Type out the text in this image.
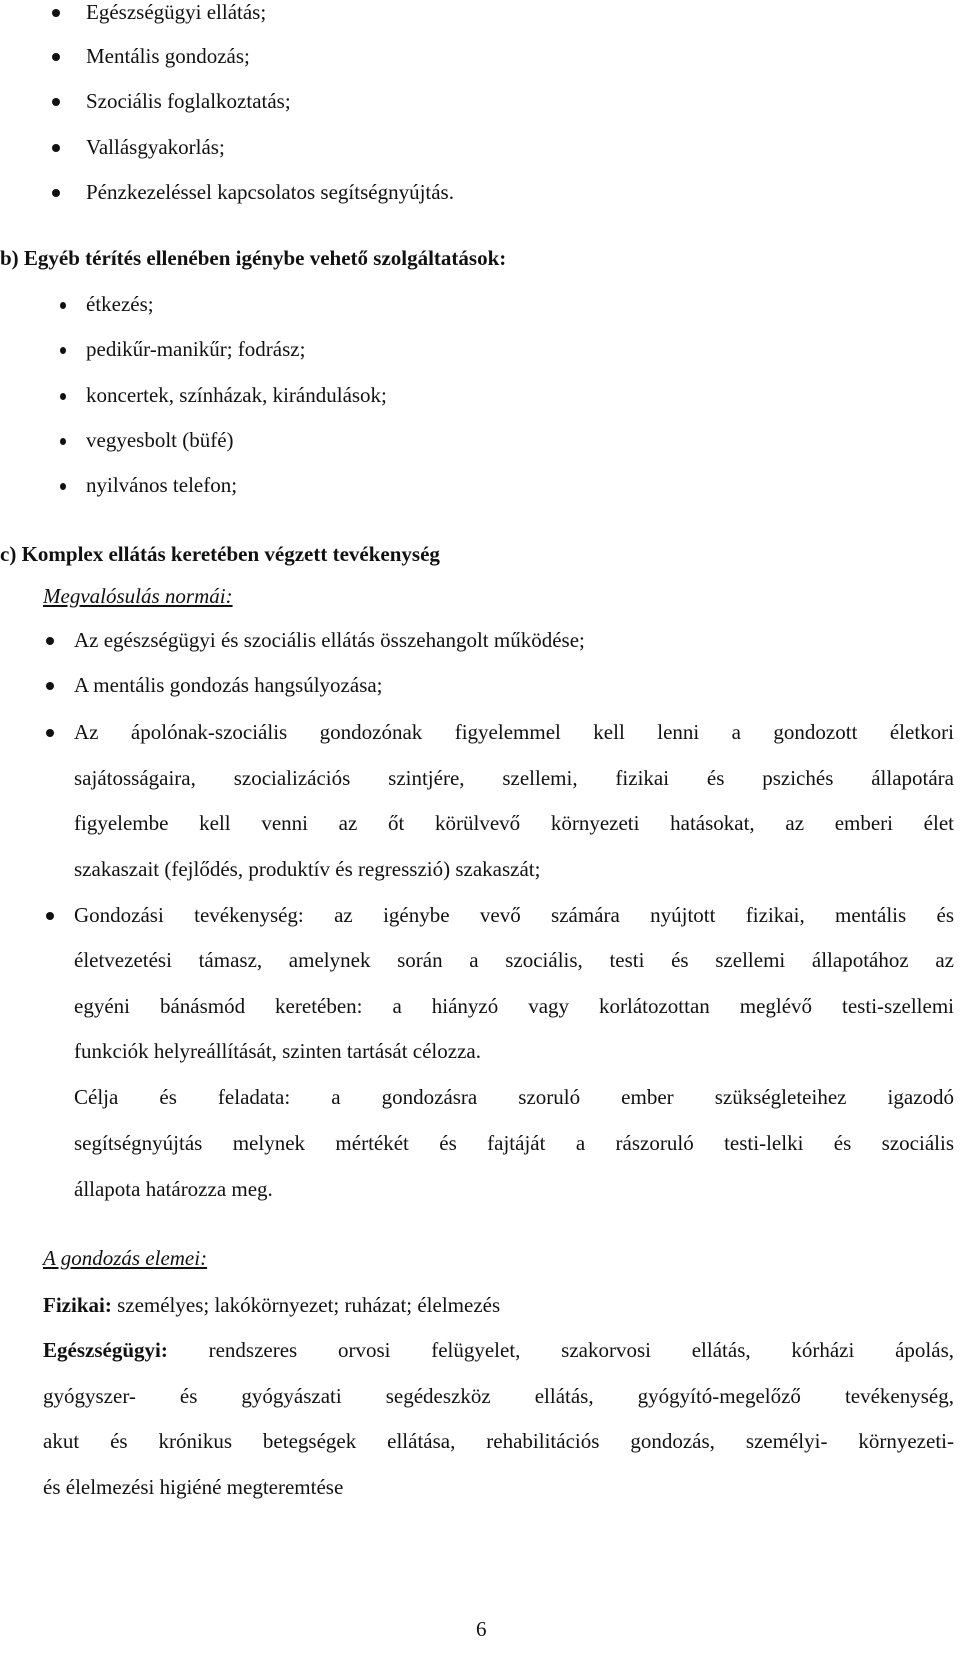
Egészségügyi ellátás;
Mentális gondozás;
Szociális foglalkoztatás;
Vallásgyakorlás;
Pénzkezeléssel kapcsolatos segítségnyújtás.
b) Egyéb térítés ellenében igénybe vehető szolgáltatások:
étkezés;
pedikűr-manikűr; fodrász;
koncertek, színházak, kirándulások;
vegyesbolt (büfé)
nyilvános telefon;
c) Komplex ellátás keretében végzett tevékenység
Megvalósulás normái:
Az egészségügyi és szociális ellátás összehangolt működése;
A mentális gondozás hangsúlyozása;
Az ápolónak-szociális gondozónak figyelemmel kell lenni a gondozott életkori
sajátosságaira, szocializációs szintjére, szellemi, fizikai és pszichés állapotára
figyelembe kell venni az őt körülvevő környezeti hatásokat, az emberi élet
szakaszait (fejlődés, produktív és regresszió) szakaszát;
Gondozási tevékenység: az igénybe vevő számára nyújtott fizikai, mentális és
életvezetési támasz, amelynek során a szociális, testi és szellemi állapotához az
egyéni bánásmód keretében: a hiányzó vagy korlátozottan meglévő testi-szellemi
funkciók helyreállítását, szinten tartását célozza.
Célja és feladata: a gondozásra szoruló ember szükségleteihez igazodó
segítségnyújtás melynek mértékét és fajtáját a rászoruló testi-lelki és szociális
állapota határozza meg.
A gondozás elemei:
Fizikai: személyes; lakókörnyezet; ruházat; élelmezés
Egészségügyi: rendszeres orvosi felügyelet, szakorvosi ellátás, kórházi ápolás,
gyógyszer- és gyógyászati segédeszköz ellátás, gyógyító-megelőző tevékenység,
akut és krónikus betegségek ellátása, rehabilitációs gondozás, személyi- környezeti-
és élelmezési higiéné megteremtése
6
